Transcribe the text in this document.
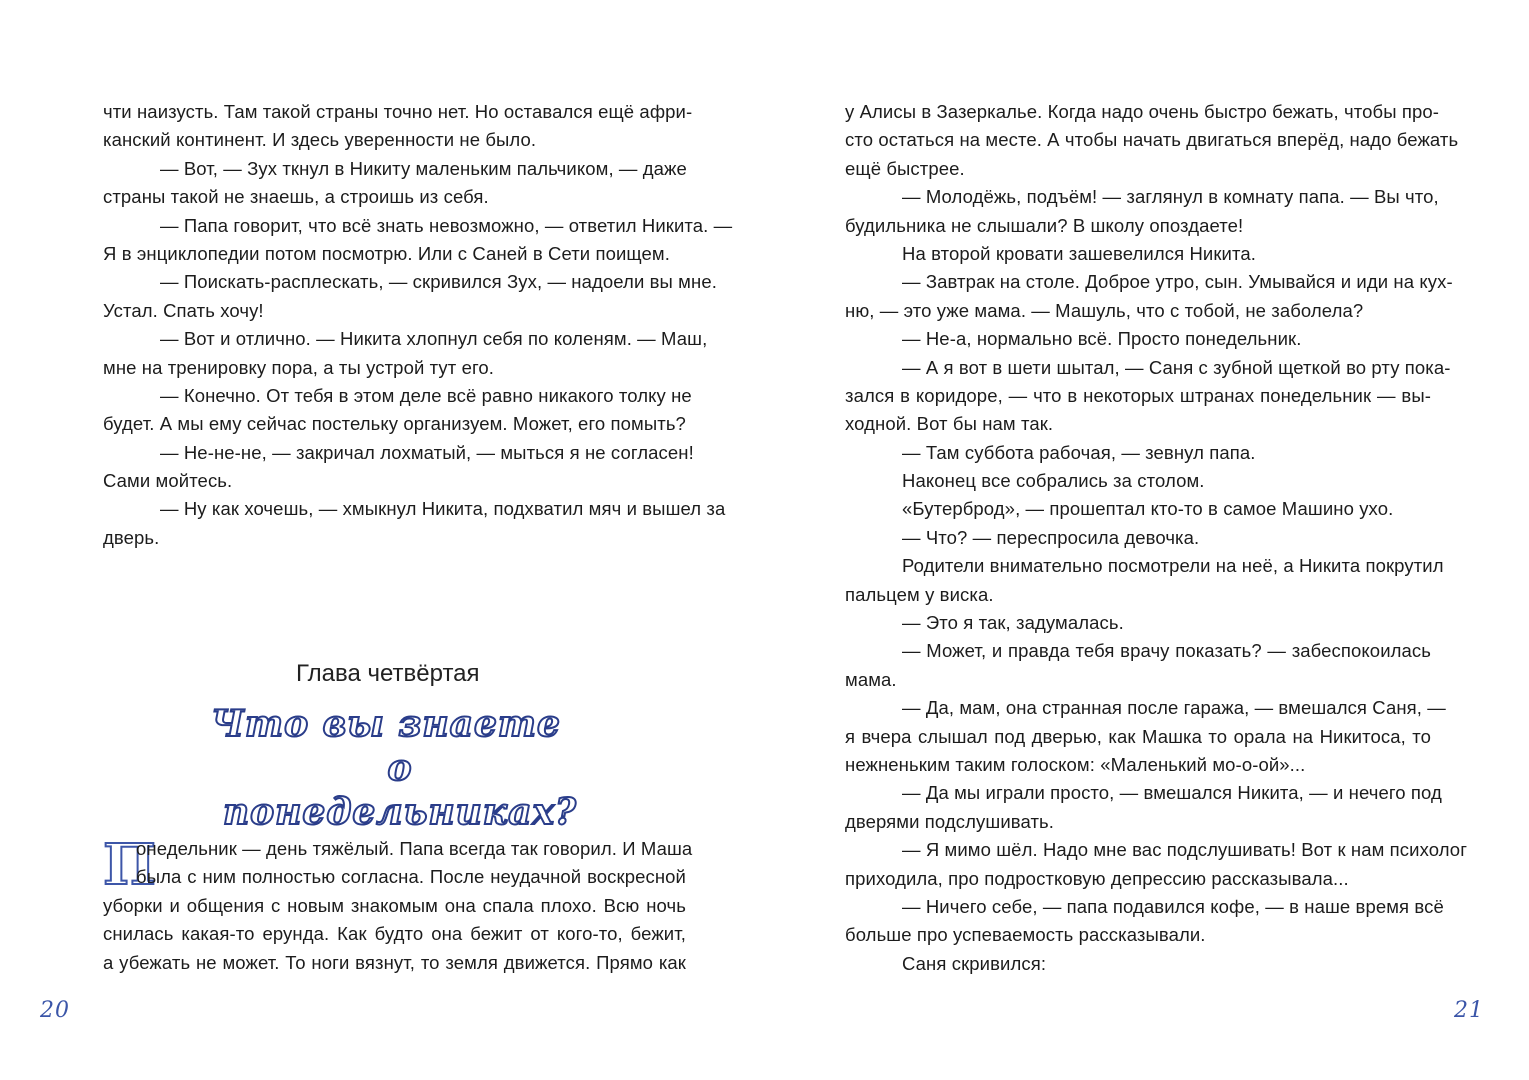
чти наизусть. Там такой страны точно нет. Но оставался ещё афри-
канский континент. И здесь уверенности не было.
— Вот, — Зух ткнул в Никиту маленьким пальчиком, — даже
страны такой не знаешь, а строишь из себя.
— Папа говорит, что всё знать невозможно, — ответил Никита. —
Я в энциклопедии потом посмотрю. Или с Саней в Сети поищем.
— Поискать-расплескать, — скривился Зух, — надоели вы мне.
Устал. Спать хочу!
— Вот и отлично. — Никита хлопнул себя по коленям. — Маш,
мне на тренировку пора, а ты устрой тут его.
— Конечно. От тебя в этом деле всё равно никакого толку не
будет. А мы ему сейчас постельку организуем. Может, его помыть?
— Не-не-не, — закричал лохматый, — мыться я не согласен!
Сами мойтесь.
— Ну как хочешь, — хмыкнул Никита, подхватил мяч и вышел за
дверь.
Глава четвёртая
Что вы знаете
о понедельниках?
П
онедельник — день тяжёлый. Папа всегда так говорил. И Маша
была с ним полностью согласна. После неудачной воскресной
уборки и общения с новым знакомым она спала плохо. Всю ночь
снилась какая-то ерунда. Как будто она бежит от кого-то, бежит,
а убежать не может. То ноги вязнут, то земля движется. Прямо как
20
у Алисы в Зазеркалье. Когда надо очень быстро бежать, чтобы про-
сто остаться на месте. А чтобы начать двигаться вперёд, надо бежать
ещё быстрее.
— Молодёжь, подъём! — заглянул в комнату папа. — Вы что,
будильника не слышали? В школу опоздаете!
На второй кровати зашевелился Никита.
— Завтрак на столе. Доброе утро, сын. Умывайся и иди на кух-
ню, — это уже мама. — Машуль, что с тобой, не заболела?
— Не-а, нормально всё. Просто понедельник.
— А я вот в шети шытал, — Саня с зубной щеткой во рту пока-
зался в коридоре, — что в некоторых штранах понедельник — вы-
ходной. Вот бы нам так.
— Там суббота рабочая, — зевнул папа.
Наконец все собрались за столом.
«Бутерброд», — прошептал кто-то в самое Машино ухо.
— Что? — переспросила девочка.
Родители внимательно посмотрели на неё, а Никита покрутил
пальцем у виска.
— Это я так, задумалась.
— Может, и правда тебя врачу показать? — забеспокоилась
мама.
— Да, мам, она странная после гаража, — вмешался Саня, —
я вчера слышал под дверью, как Машка то орала на Никитоса, то
нежненьким таким голоском: «Маленький мо-о-ой»...
— Да мы играли просто, — вмешался Никита, — и нечего под
дверями подслушивать.
— Я мимо шёл. Надо мне вас подслушивать! Вот к нам психолог
приходила, про подростковую депрессию рассказывала...
— Ничего себе, — папа подавился кофе, — в наше время всё
больше про успеваемость рассказывали.
Саня скривился:
21
